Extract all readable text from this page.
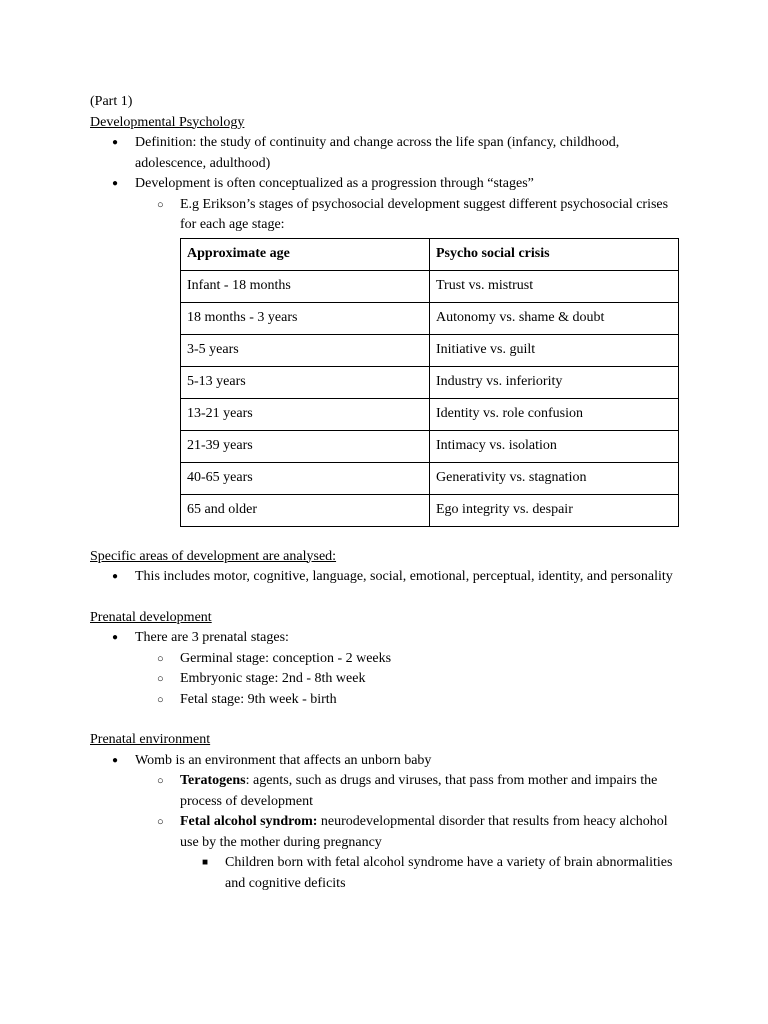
(Part 1)
Developmental Psychology
● Definition: the study of continuity and change across the life span (infancy, childhood, adolescence, adulthood)
● Development is often conceptualized as a progression through “stages”
○ E.g Erikson’s stages of psychosocial development suggest different psychosocial crises for each age stage:
Approximate age	Psycho social crisis
Infant - 18 months	Trust vs. mistrust
18 months - 3 years	Autonomy vs. shame & doubt
3-5 years	Initiative vs. guilt
5-13 years	Industry vs. inferiority
13-21 years	Identity vs. role confusion
21-39 years	Intimacy vs. isolation
40-65 years	Generativity vs. stagnation
65 and older	Ego integrity vs. despair
Specific areas of development are analysed:
● This includes motor, cognitive, language, social, emotional, perceptual, identity, and personality
Prenatal development
● There are 3 prenatal stages:
○ Germinal stage: conception - 2 weeks
○ Embryonic stage: 2nd - 8th week
○ Fetal stage: 9th week - birth
Prenatal environment
● Womb is an environment that affects an unborn baby
○ Teratogens: agents, such as drugs and viruses, that pass from mother and impairs the process of development
○ Fetal alcohol syndrom: neurodevelopmental disorder that results from heacy alchohol use by the mother during pregnancy
■ Children born with fetal alcohol syndrome have a variety of brain abnormalities and cognitive deficits
